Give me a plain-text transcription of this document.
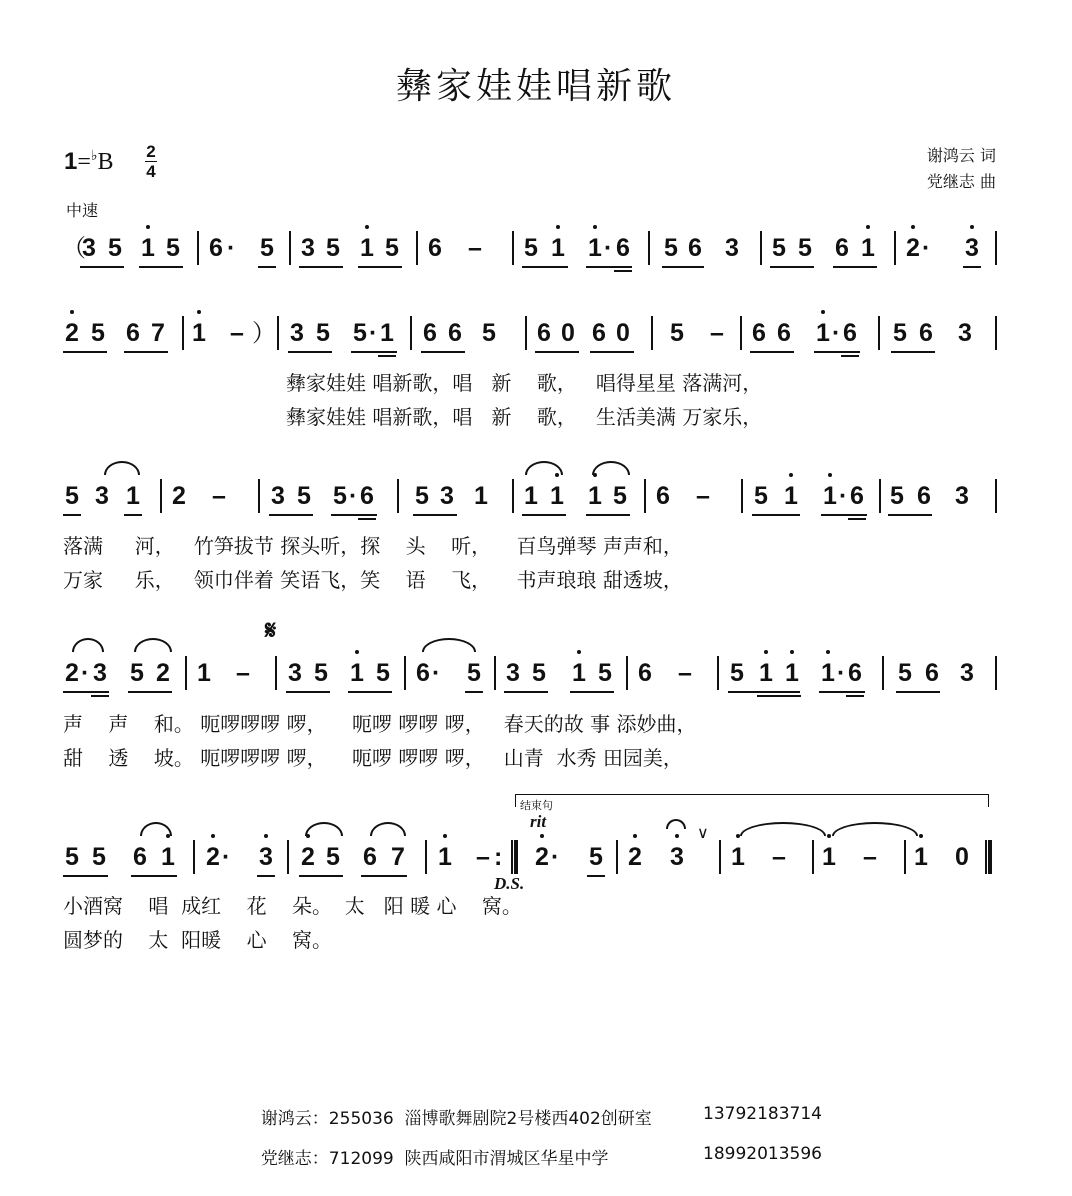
彝家娃娃唱新歌
1=♭B 2
4
中速
谢鸿云 词
党继志 曲
（
3 5 1 5 6 · 5 3 5 1 5 6 – 5 1 1 · 6 5 6 3 5 5 6 1 2 · 3
2 5 6 7 1 – ） 3 5 5 · 1 6 6 5 6 0 6 0 5 – 6 6 1 · 6 5 6 3
5 3 1 2 – 3 5 5 · 6 5 3 1 1 1 1 5 6 – 5 1 1 · 6 5 6 3
2 · 3 5 2 1 – 3 5 1 5 6 · 5 3 5 1 5 6 – 5 1 1 1 · 6 5 6 3
5 5 6 1 2 · 3 2 5 6 7 1 – : 2 · 5 2 3 1 – 1 – 1 0
彝家娃娃 唱新歌，唱   新    歌，   唱得星星 落满河，
彝家娃娃 唱新歌，唱   新    歌，   生活美满 万家乐，
落满     河，   竹笋拔节 探头听，探    头    听，    百鸟弹琴 声声和，
万家     乐，   领巾伴着 笑语飞，笑    语    飞，    书声琅琅 甜透坡，
声    声    和。 呃啰啰啰 啰，    呃啰 啰啰 啰，   春天的故 事 添妙曲，
甜    透    坡。 呃啰啰啰 啰，    呃啰 啰啰 啰，   山青  水秀 田园美，
小酒窝    唱  成红    花    朵。  太   阳 暖 心    窝。
圆梦的    太  阳暖    心    窝。
𝄋
D.S.
rit
结束句
∨

谢鸿云：255036  淄博歌舞剧院2号楼西402创研室	13792183714

党继志：712099  陕西咸阳市渭城区华星中学	18992013596
